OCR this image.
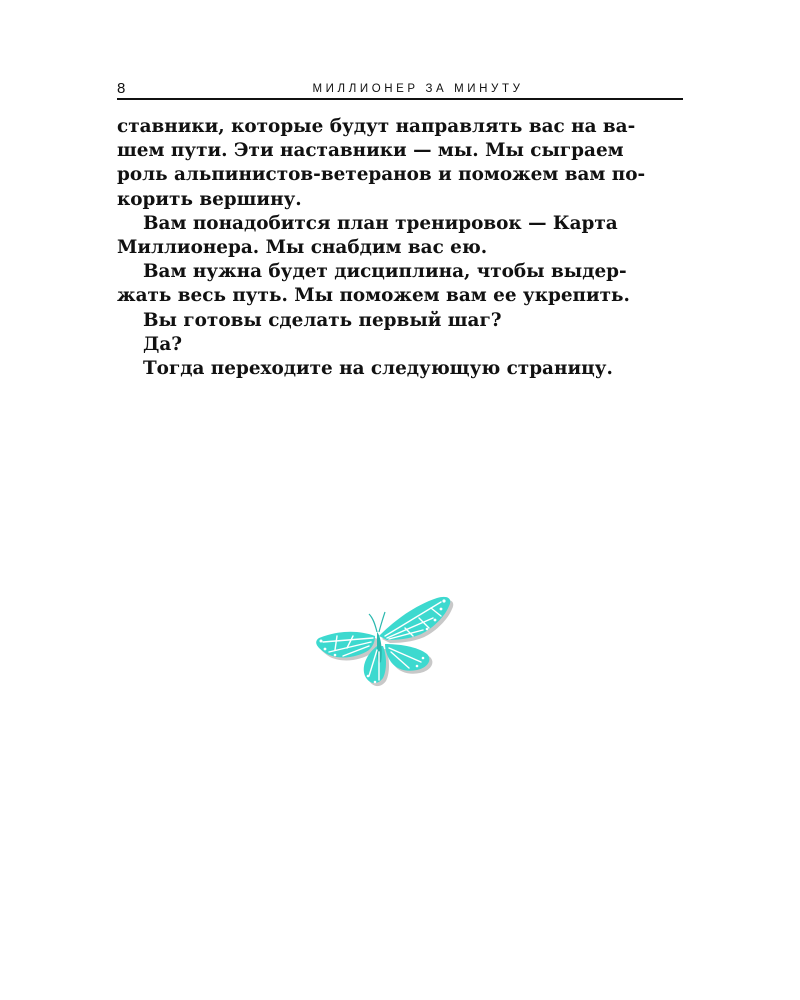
8	МИЛЛИОНЕР ЗА МИНУТУ

ставники, которые будут направлять вас на ва-
шем пути. Эти наставники — мы. Мы сыграем
роль альпинистов-ветеранов и поможем вам по-
корить вершину.

Вам понадобится план тренировок — Карта
Миллионера. Мы снабдим вас ею.

Вам нужна будет дисциплина, чтобы выдер-
жать весь путь. Мы поможем вам ее укрепить.

Вы готовы сделать первый шаг?

Да?

Тогда переходите на следующую страницу.
